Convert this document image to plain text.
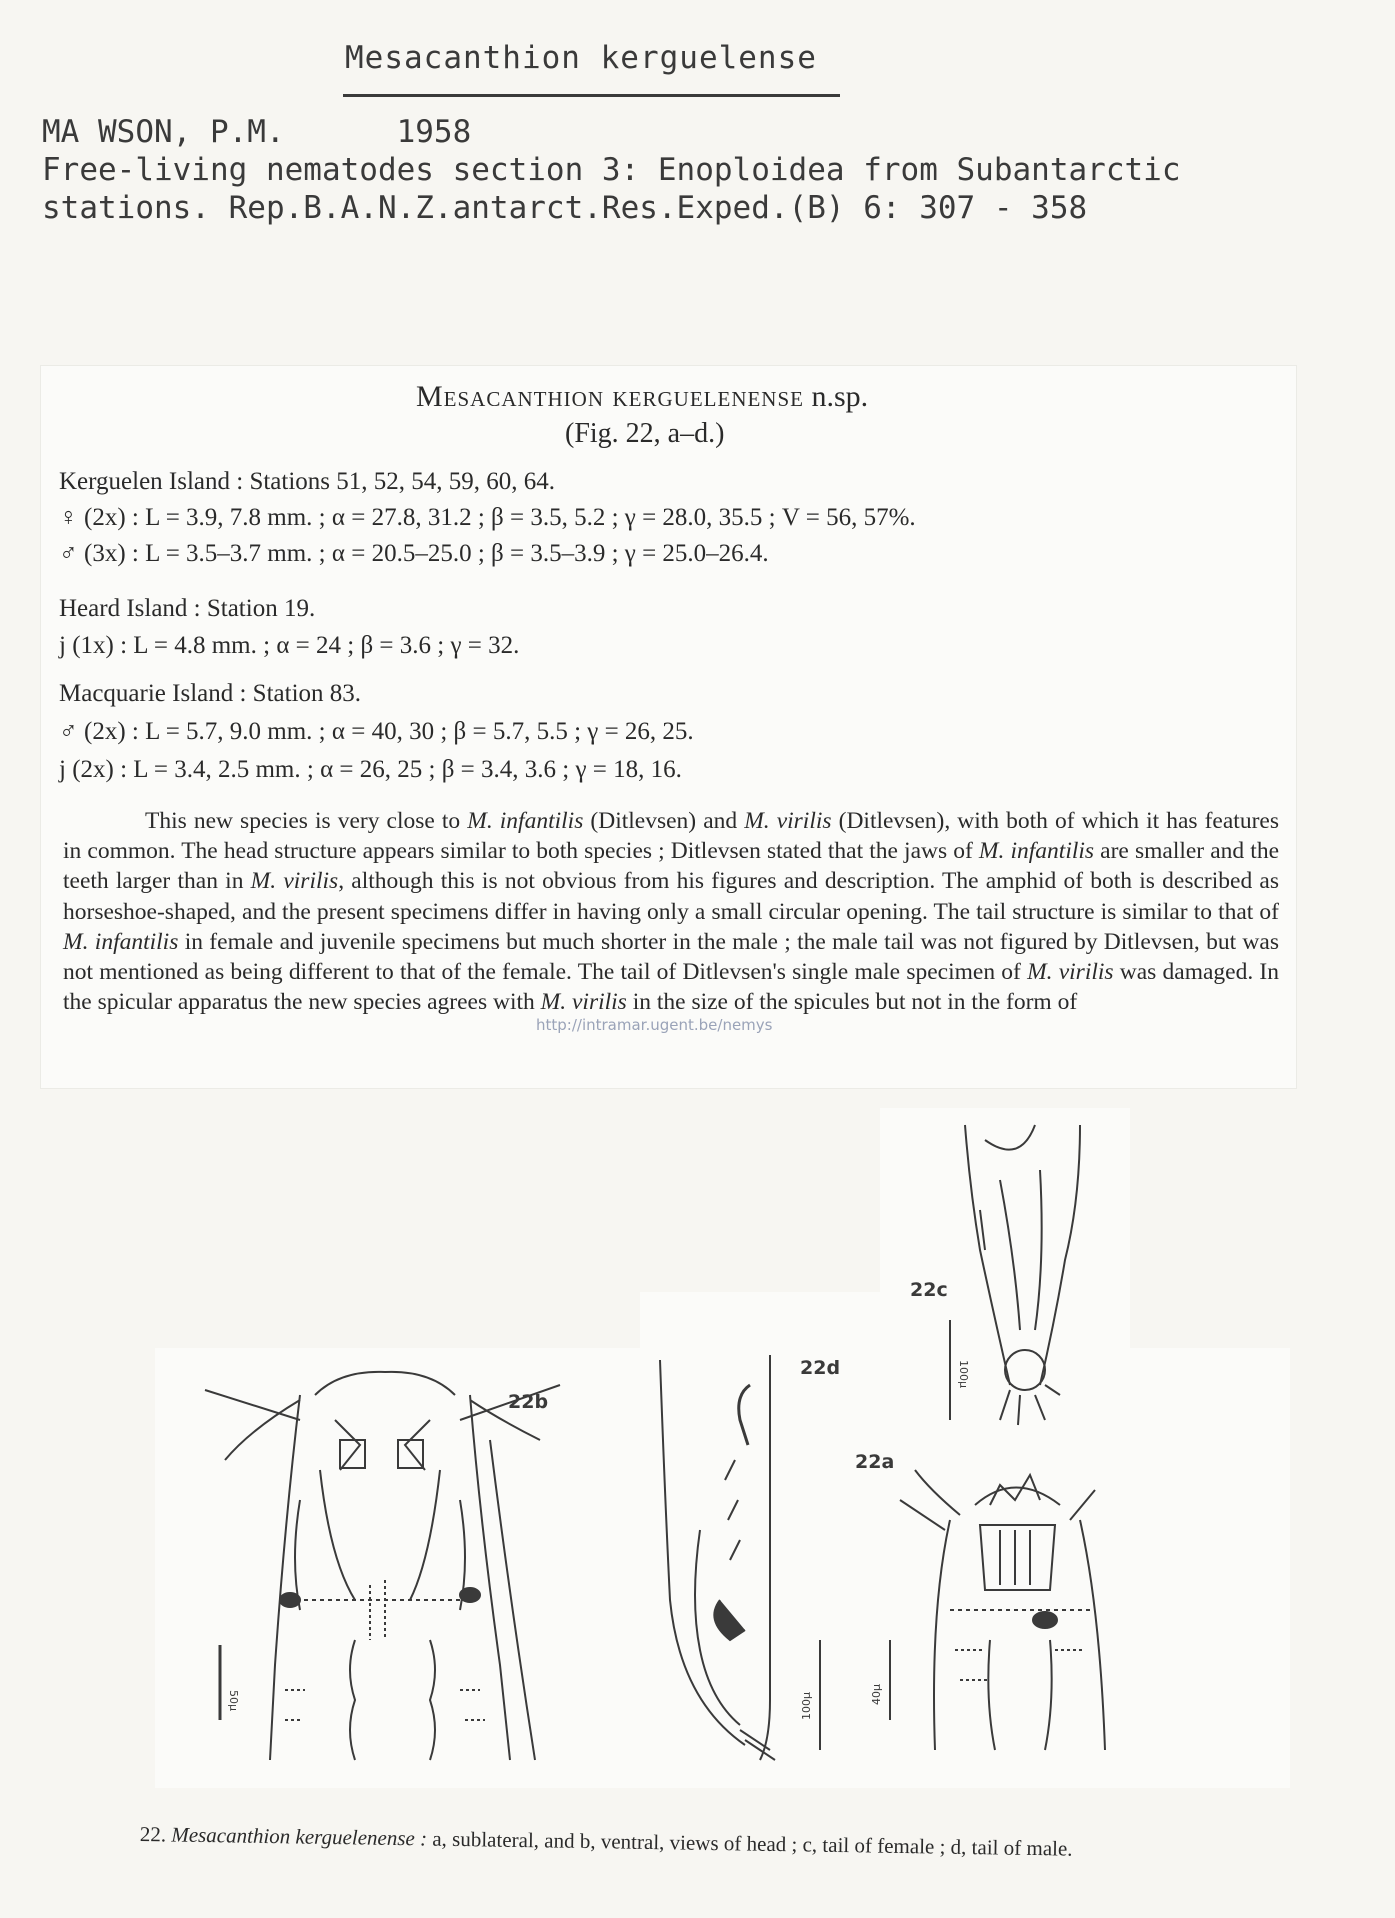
Mesacanthion kerguelense
MA WSON, P.M.      1958
Free-living nematodes section 3: Enoploidea from Subantarctic
stations. Rep.B.A.N.Z.antarct.Res.Exped.(B) 6: 307 - 358
Mesacanthion kerguelenense n.sp.
(Fig. 22, a–d.)
Kerguelen Island : Stations 51, 52, 54, 59, 60, 64.
♀ (2x) : L = 3.9, 7.8 mm. ; α = 27.8, 31.2 ; β = 3.5, 5.2 ; γ = 28.0, 35.5 ; V = 56, 57%.
♂ (3x) : L = 3.5–3.7 mm. ; α = 20.5–25.0 ; β = 3.5–3.9 ; γ = 25.0–26.4.
Heard Island : Station 19.
j (1x) : L = 4.8 mm. ; α = 24 ; β = 3.6 ; γ = 32.
Macquarie Island : Station 83.
♂ (2x) : L = 5.7, 9.0 mm. ; α = 40, 30 ; β = 5.7, 5.5 ; γ = 26, 25.
j (2x) : L = 3.4, 2.5 mm. ; α = 26, 25 ; β = 3.4, 3.6 ; γ = 18, 16.
This new species is very close to M. infantilis (Ditlevsen) and M. virilis (Ditlevsen), with both of which it has features in common. The head structure appears similar to both species ; Ditlevsen stated that the jaws of M. infantilis are smaller and the teeth larger than in M. virilis, although this is not obvious from his figures and description. The amphid of both is described as horseshoe-shaped, and the present specimens differ in having only a small circular opening. The tail structure is similar to that of M. infantilis in female and juvenile specimens but much shorter in the male ; the male tail was not figured by Ditlevsen, but was not mentioned as being different to that of the female. The tail of Ditlevsen's single male specimen of M. virilis was damaged. In the spicular apparatus the new species agrees with M. virilis in the size of the spicules but not in the form of
http://intramar.ugent.be/nemys
50µ	100µ
100µ
40µ
22b
22d
22c
22a
22. Mesacanthion kerguelenense : a, sublateral, and b, ventral, views of head ; c, tail of female ; d, tail of male.
